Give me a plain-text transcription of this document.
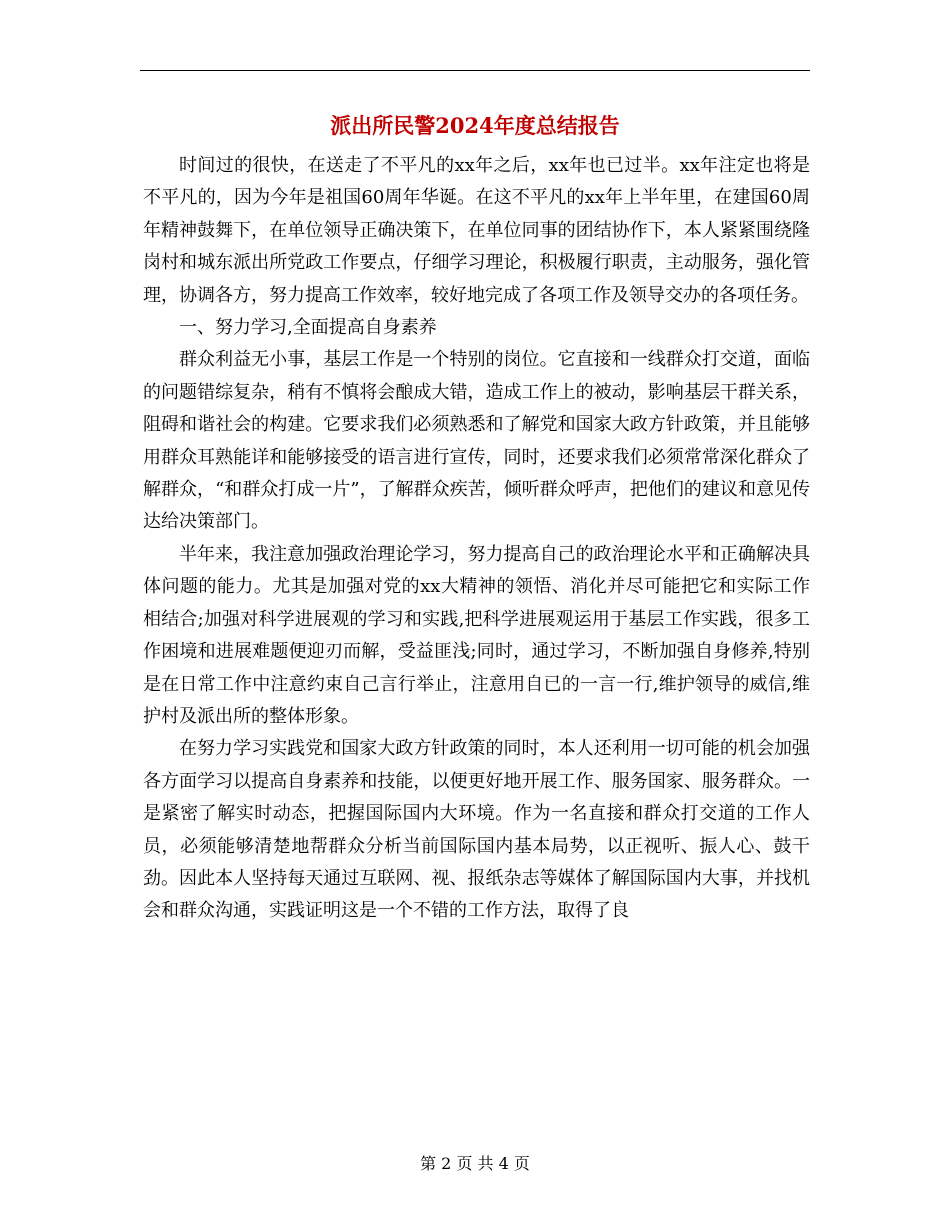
派出所民警2024年度总结报告

时间过的很快，在送走了不平凡的xx年之后，xx年也已过半。xx年注定也将是不平凡的，因为今年是祖国60周年华诞。在这不平凡的xx年上半年里，在建国60周年精神鼓舞下，在单位领导正确决策下，在单位同事的团结协作下，本人紧紧围绕隆岗村和城东派出所党政工作要点，仔细学习理论，积极履行职责，主动服务，强化管理，协调各方，努力提高工作效率，较好地完成了各项工作及领导交办的各项任务。

一、努力学习,全面提高自身素养

群众利益无小事，基层工作是一个特别的岗位。它直接和一线群众打交道，面临的问题错综复杂，稍有不慎将会酿成大错，造成工作上的被动，影响基层干群关系，阻碍和谐社会的构建。它要求我们必须熟悉和了解党和国家大政方针政策，并且能够用群众耳熟能详和能够接受的语言进行宣传，同时，还要求我们必须常常深化群众了解群众，“和群众打成一片”，了解群众疾苦，倾听群众呼声，把他们的建议和意见传达给决策部门。

半年来，我注意加强政治理论学习，努力提高自己的政治理论水平和正确解决具体问题的能力。尤其是加强对党的xx大精神的领悟、消化并尽可能把它和实际工作相结合;加强对科学进展观的学习和实践,把科学进展观运用于基层工作实践，很多工作困境和进展难题便迎刃而解，受益匪浅;同时，通过学习，不断加强自身修养,特别是在日常工作中注意约束自己言行举止，注意用自已的一言一行,维护领导的威信,维护村及派出所的整体形象。

在努力学习实践党和国家大政方针政策的同时，本人还利用一切可能的机会加强各方面学习以提高自身素养和技能，以便更好地开展工作、服务国家、服务群众。一是紧密了解实时动态，把握国际国内大环境。作为一名直接和群众打交道的工作人员，必须能够清楚地帮群众分析当前国际国内基本局势，以正视听、振人心、鼓干劲。因此本人坚持每天通过互联网、视、报纸杂志等媒体了解国际国内大事，并找机会和群众沟通，实践证明这是一个不错的工作方法，取得了良

第 2 页 共 4 页
